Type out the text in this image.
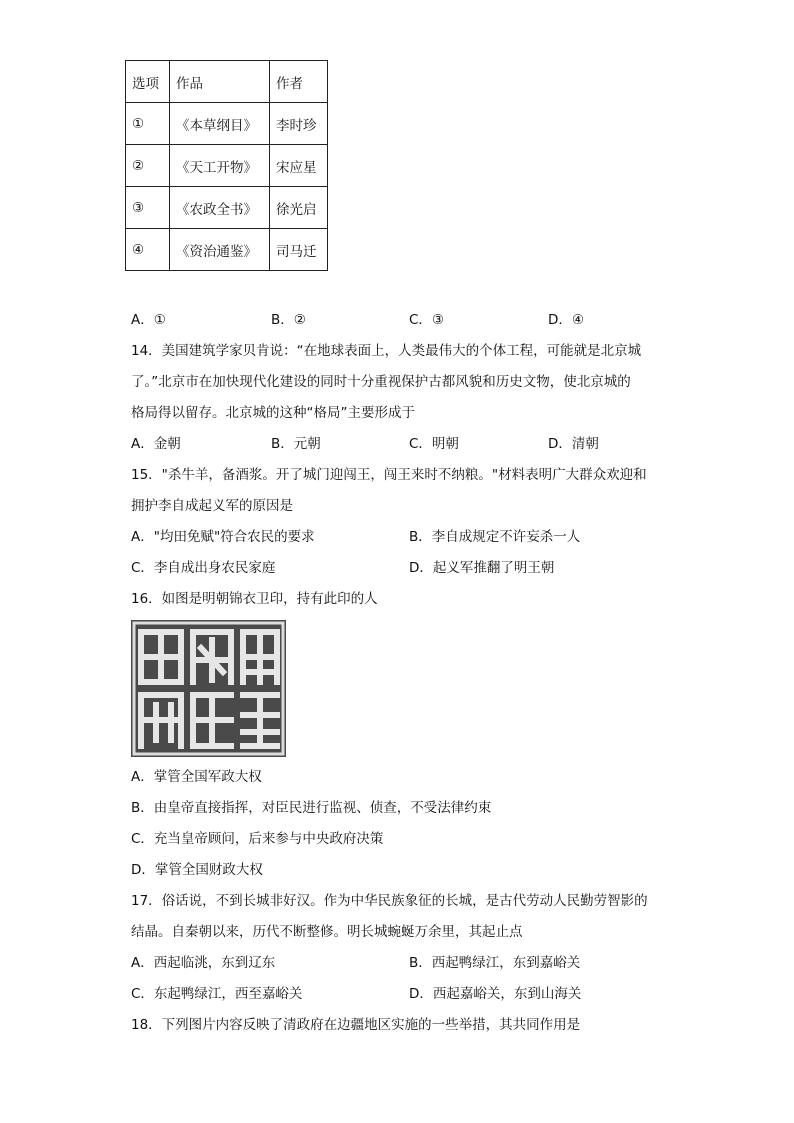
选项	作品	作者
①	《本草纲目》	李时珍
②	《天工开物》	宋应星
③	《农政全书》	徐光启
④	《资治通鉴》	司马迁
A．①	B．②	C．③	D．④
14．美国建筑学家贝肯说：“在地球表面上，人类最伟大的个体工程，可能就是北京城
了。”北京市在加快现代化建设的同时十分重视保护古都风貌和历史文物，使北京城的
格局得以留存。北京城的这种“格局”主要形成于
A．金朝	B．元朝	C．明朝	D．清朝
15．"杀牛羊，备酒浆。开了城门迎闯王，闯王来时不纳粮。"材料表明广大群众欢迎和
拥护李自成起义军的原因是
A．"均田免赋"符合农民的要求	B．李自成规定不许妄杀一人
C．李自成出身农民家庭	D．起义军推翻了明王朝
16．如图是明朝锦衣卫印，持有此印的人
A．掌管全国军政大权
B．由皇帝直接指挥，对臣民进行监视、侦查，不受法律约束
C．充当皇帝顾问，后来参与中央政府决策
D．掌管全国财政大权
17．俗话说，不到长城非好汉。作为中华民族象征的长城，是古代劳动人民勤劳智影的
结晶。自秦朝以来，历代不断整修。明长城蜿蜒万余里，其起止点
A．西起临洮，东到辽东	B．西起鸭绿江，东到嘉峪关
C．东起鸭绿江，西至嘉峪关	D．西起嘉峪关，东到山海关
18．下列图片内容反映了清政府在边疆地区实施的一些举措，其共同作用是
